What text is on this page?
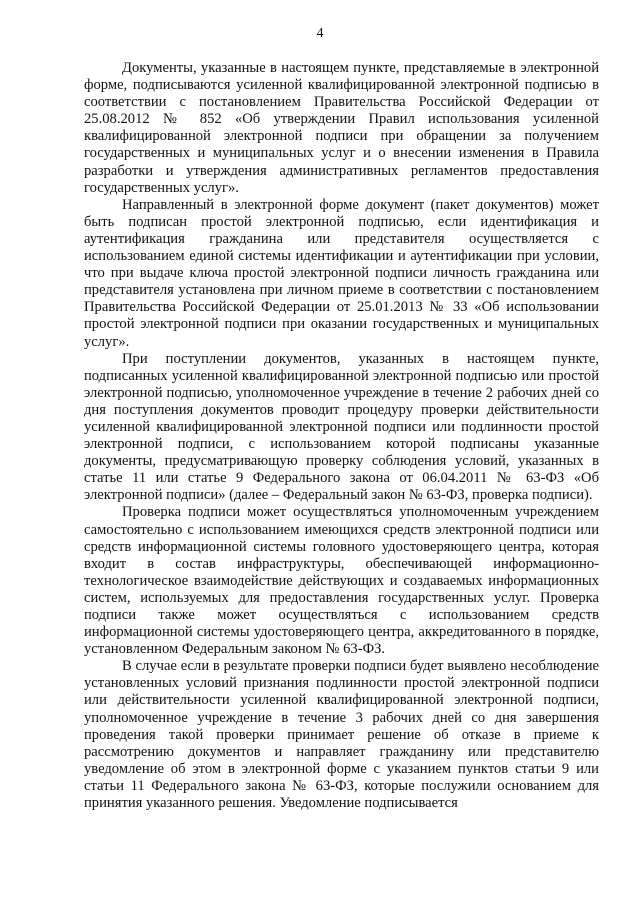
4

Документы, указанные в настоящем пункте, представляемые в электронной форме, подписываются усиленной квалифицированной электронной подписью в соответствии с постановлением Правительства Российской Федерации от 25.08.2012 № 852 «Об утверждении Правил использования усиленной квалифицированной электронной подписи при обращении за получением государственных и муниципальных услуг и о внесении изменения в Правила разработки и утверждения административных регламентов предоставления государственных услуг».

Направленный в электронной форме документ (пакет документов) может быть подписан простой электронной подписью, если идентификация и аутентификация гражданина или представителя осуществляется с использованием единой системы идентификации и аутентификации при условии, что при выдаче ключа простой электронной подписи личность гражданина или представителя установлена при личном приеме в соответствии с постановлением Правительства Российской Федерации от 25.01.2013 № 33 «Об использовании простой электронной подписи при оказании государственных и муниципальных услуг».

При поступлении документов, указанных в настоящем пункте, подписанных усиленной квалифицированной электронной подписью или простой электронной подписью, уполномоченное учреждение в течение 2 рабочих дней со дня поступления документов проводит процедуру проверки действительности усиленной квалифицированной электронной подписи или подлинности простой электронной подписи, с использованием которой подписаны указанные документы, предусматривающую проверку соблюдения условий, указанных в статье 11 или статье 9 Федерального закона от 06.04.2011 № 63-ФЗ «Об электронной подписи» (далее – Федеральный закон № 63-ФЗ, проверка подписи).

Проверка подписи может осуществляться уполномоченным учреждением самостоятельно с использованием имеющихся средств электронной подписи или средств информационной системы головного удостоверяющего центра, которая входит в состав инфраструктуры, обеспечивающей информационно-технологическое взаимодействие действующих и создаваемых информационных систем, используемых для предоставления государственных услуг. Проверка подписи также может осуществляться с использованием средств информационной системы удостоверяющего центра, аккредитованного в порядке, установленном Федеральным законом № 63-ФЗ.

В случае если в результате проверки подписи будет выявлено несоблюдение установленных условий признания подлинности простой электронной подписи или действительности усиленной квалифицированной электронной подписи, уполномоченное учреждение в течение 3 рабочих дней со дня завершения проведения такой проверки принимает решение об отказе в приеме к рассмотрению документов и направляет гражданину или представителю уведомление об этом в электронной форме с указанием пунктов статьи 9 или статьи 11 Федерального закона № 63-ФЗ, которые послужили основанием для принятия указанного решения. Уведомление подписывается
